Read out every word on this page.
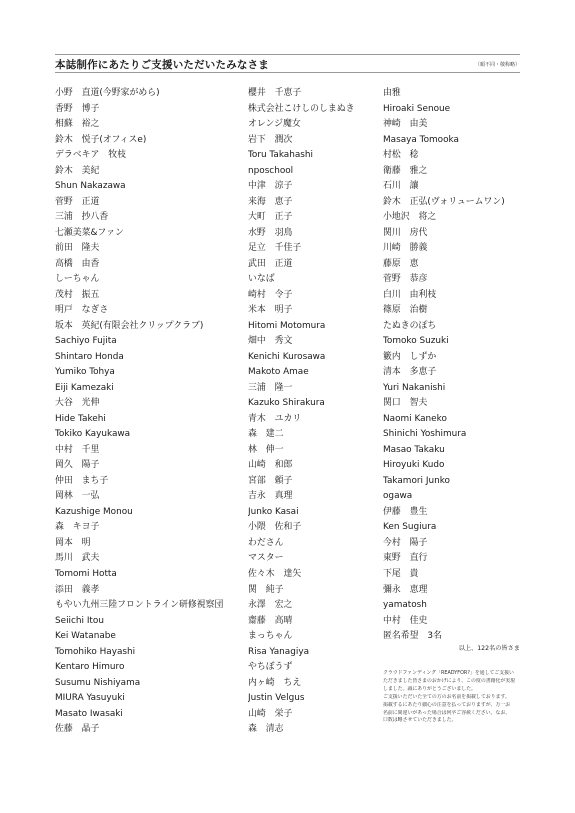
本誌制作にあたりご支援いただいたみなさま	（順不同・敬称略）
小野　直道(今野家がめら)
香野　博子
相蘇　裕之
鈴木　悦子(オフィスe)
デラベキア　牧枝
鈴木　美紀
Shun Nakazawa
菅野　正道
三浦　抄八香
七瀬美菜&ファン
前田　隆夫
高橋　由香
しーちゃん
茂村　振五
明戸　なぎさ
坂本　英紀(有限会社クリップクラブ)
Sachiyo Fujita
Shintaro Honda
Yumiko Tohya
Eiji Kamezaki
大谷　光伸
Hide Takehi
Tokiko Kayukawa
中村　千里
岡久　陽子
仲田　まち子
岡林　一弘
Kazushige Monou
森　キヨ子
岡本　明
馬川　武夫
Tomomi Hotta
添田　義孝
もやい九州三陸フロントライン研修視察団
Seiichi Itou
Kei Watanabe
Tomohiko Hayashi
Kentaro Himuro
Susumu Nishiyama
MIURA Yasuyuki
Masato Iwasaki
佐藤　晶子
櫻井　千恵子
株式会社こけしのしまぬき
オレンジ魔女
岩下　潤次
Toru Takahashi
nposchool
中津　涼子
来海　恵子
大町　正子
水野　羽鳥
足立　千佳子
武田　正道
いなば
崎村　令子
米本　明子
Hitomi Motomura
畑中　秀文
Kenichi Kurosawa
Makoto Amae
三浦　隆一
Kazuko Shirakura
青木　ユカリ
森　建二
林　伸一
山崎　和郎
宮部　頼子
吉永　真理
Junko Kasai
小隈　佐和子
わださん
マスター
佐々木　達矢
関　純子
永澤　宏之
齋藤　高晴
まっちゃん
Risa Yanagiya
やちぼうず
内ヶ崎　ちえ
Justin Velgus
山崎　栄子
森　清志
由雅
Hiroaki Senoue
神崎　由美
Masaya Tomooka
村松　稔
衛藤　雅之
石川　讓
鈴木　正弘(ヴォリュームワン)
小地沢　将之
関川　房代
川崎　勝義
藤原　恵
菅野　恭彦
白川　由利枝
篠原　治樹
たぬきのぽち
Tomoko Suzuki
籔内　しずか
清本　多恵子
Yuri Nakanishi
関口　智夫
Naomi Kaneko
Shinichi Yoshimura
Masao Takaku
Hiroyuki Kudo
Takamori Junko
ogawa
伊藤　豊生
Ken Sugiura
今村　陽子
東野　直行
下尾　貴
彌永　恵理
yamatosh
中村　佳史
匿名希望　3名
以上、122名の皆さま
クラウドファンディング「READYFOR?」を通してご支援い
ただきました皆さまのおかげにより、この度の書籍化が実現
しました。誠にありがとうございました。
ご支援いただいた全ての方のお名前を掲載しております。
掲載するにあたり細心の注意を払っておりますが、万一お
名前に間違いがあった場合は何卒ご容赦ください。なお、
口数は略させていただきました。
